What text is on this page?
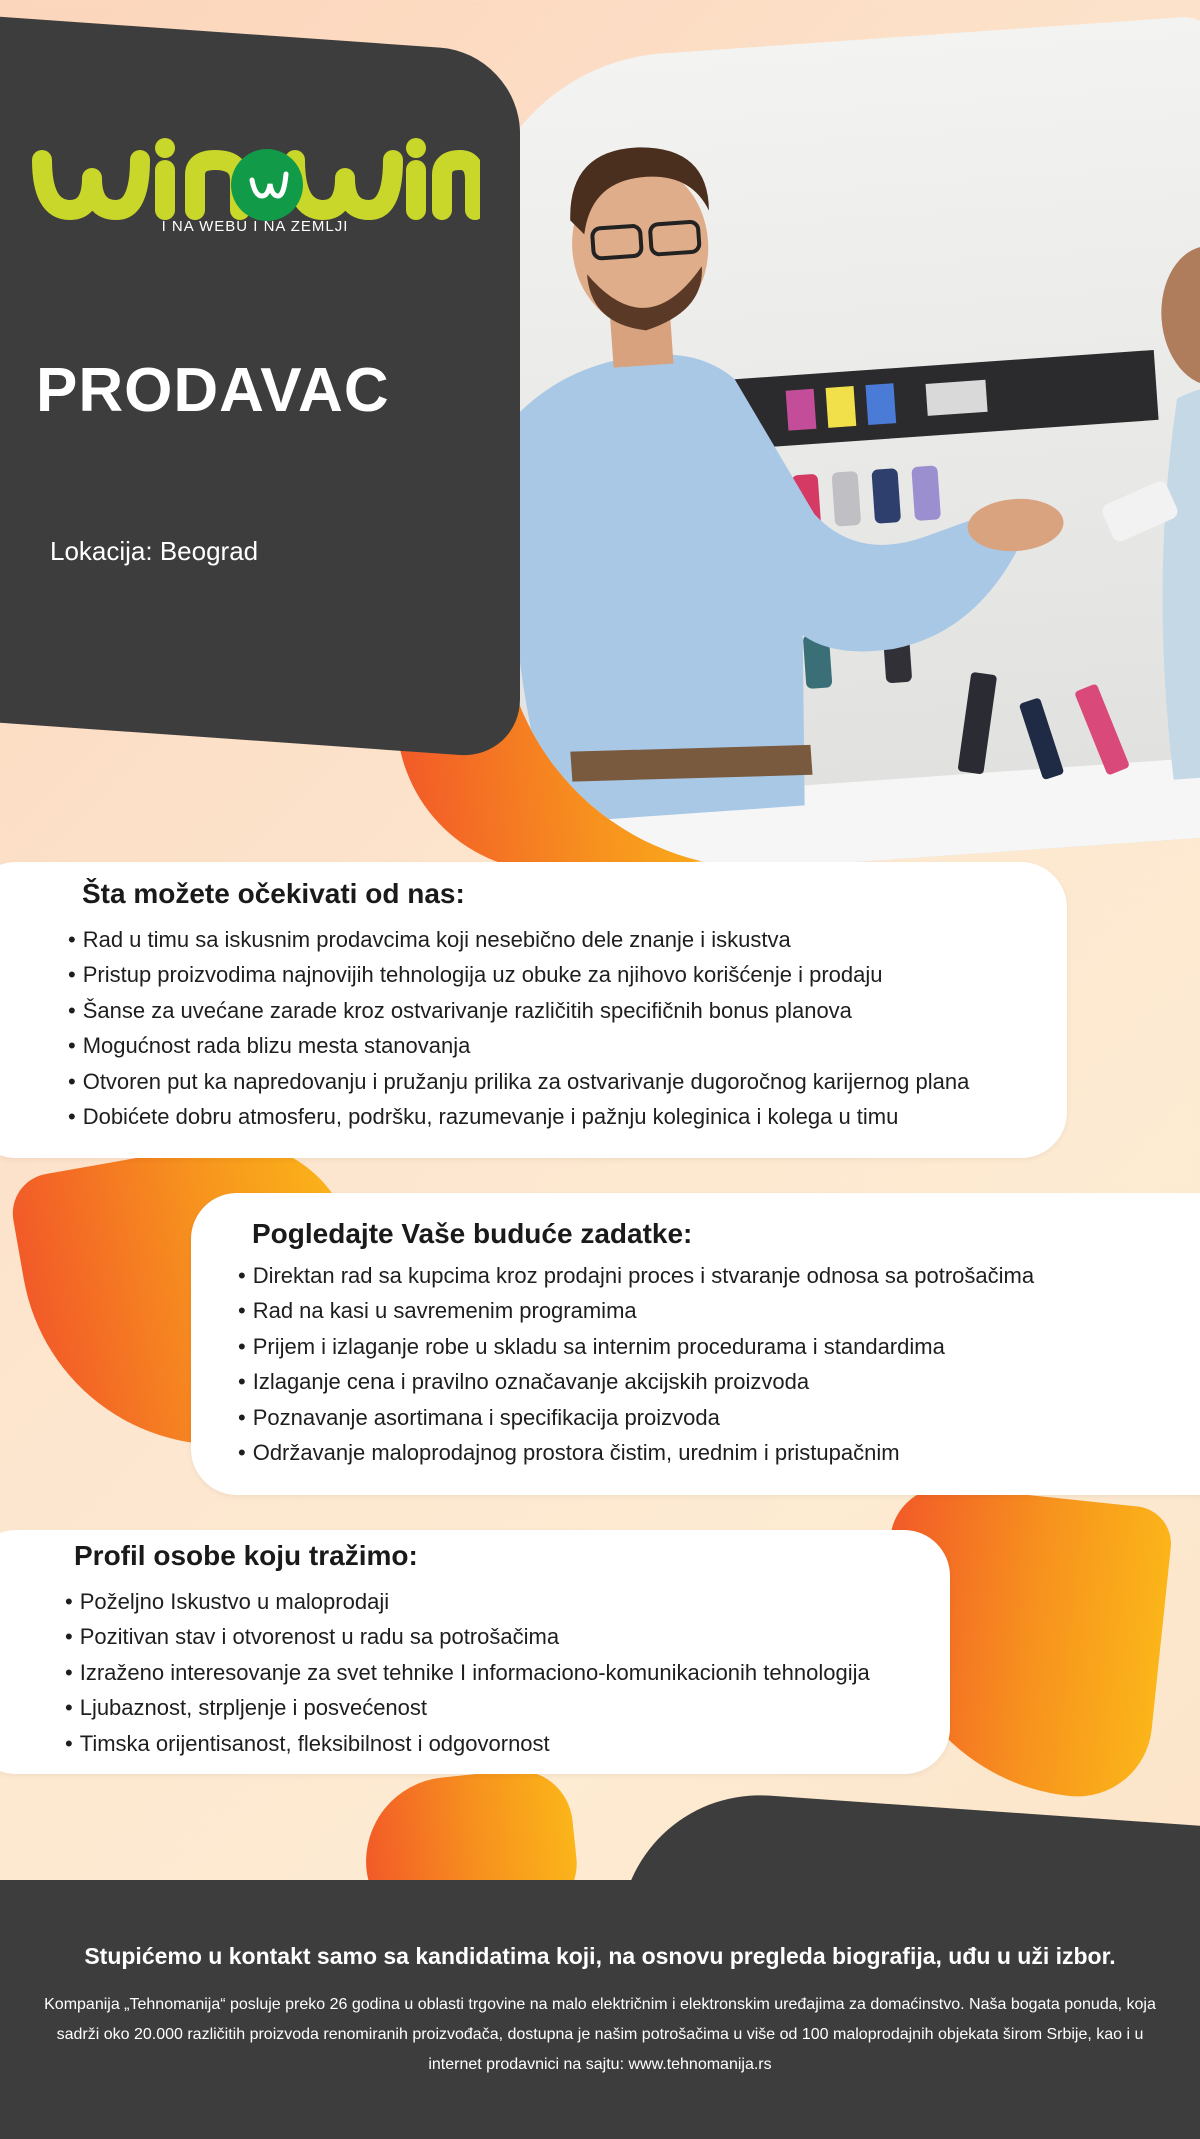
I NA WEBU I NA ZEMLJI
PRODAVAC
Lokacija: Beograd
Šta možete očekivati od nas:
• Rad u timu sa iskusnim prodavcima koji nesebično dele znanje i iskustva
• Pristup proizvodima najnovijih tehnologija uz obuke za njihovo korišćenje i prodaju
• Šanse za uvećane zarade kroz ostvarivanje različitih specifičnih bonus planova
• Mogućnost rada blizu mesta stanovanja
• Otvoren put ka napredovanju i pružanju prilika za ostvarivanje dugoročnog karijernog plana
• Dobićete dobru atmosferu, podršku, razumevanje i pažnju koleginica i kolega u timu
Pogledajte Vaše buduće zadatke:
• Direktan rad sa kupcima kroz prodajni proces i stvaranje odnosa sa potrošačima
• Rad na kasi u savremenim programima
• Prijem i izlaganje robe u skladu sa internim procedurama i standardima
• Izlaganje cena i pravilno označavanje akcijskih proizvoda
• Poznavanje asortimana i specifikacija proizvoda
• Održavanje maloprodajnog prostora čistim, urednim i pristupačnim
Profil osobe koju tražimo:
• Poželjno Iskustvo u maloprodaji
• Pozitivan stav i otvorenost u radu sa potrošačima
• Izraženo interesovanje za svet tehnike I informaciono-komunikacionih tehnologija
• Ljubaznost, strpljenje i posvećenost
• Timska orijentisanost, fleksibilnost i odgovornost
Stupićemo u kontakt samo sa kandidatima koji, na osnovu pregleda biografija, uđu u uži izbor.
Kompanija „Tehnomanija“ posluje preko 26 godina u oblasti trgovine na malo električnim i elektronskim uređajima za domaćinstvo. Naša bogata ponuda, koja sadrži oko 20.000 različitih proizvoda renomiranih proizvođača, dostupna je našim potrošačima u više od 100 maloprodajnih objekata širom Srbije, kao i u internet prodavnici na sajtu: www.tehnomanija.rs
